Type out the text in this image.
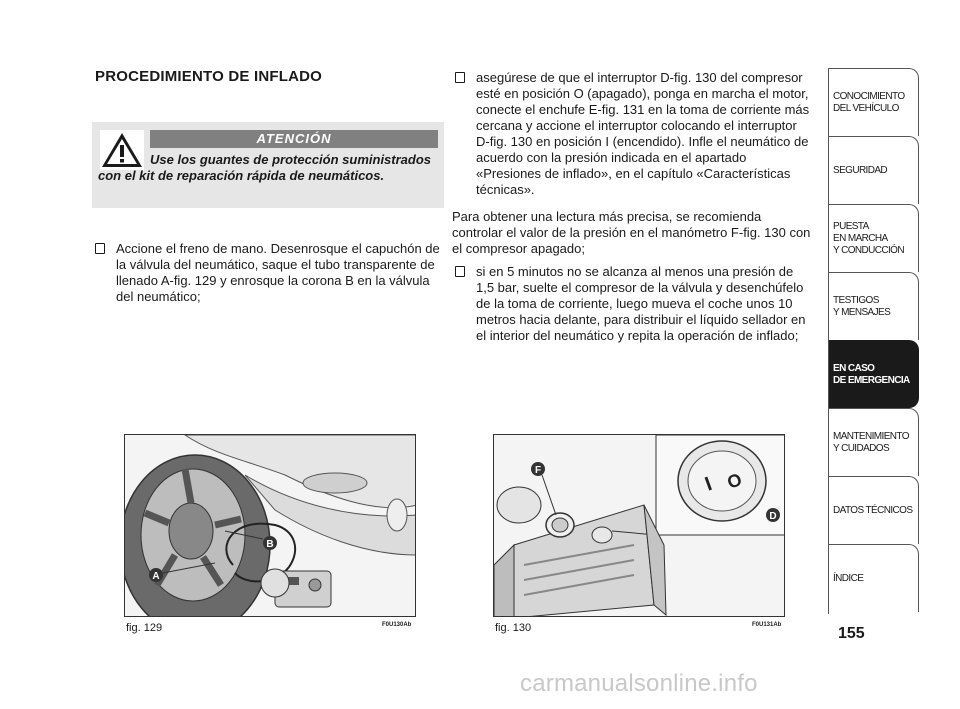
PROCEDIMIENTO DE INFLADO
ATENCIÓN
Use los guantes de protección suministrados con el kit de reparación rápida de neumáticos.
Accione el freno de mano. Desenrosque el capuchón de la válvula del neumático, saque el tubo transparente de llenado A-fig. 129 y enrosque la corona B en la válvula del neumático;
asegúrese de que el interruptor D-fig. 130 del compresor esté en posición O (apagado), ponga en marcha el motor, conecte el enchufe E-fig. 131 en la toma de corriente más cercana y accione el interruptor colocando el interruptor D-fig. 130 en posición I (encendido). Infle el neumático de acuerdo con la presión indicada en el apartado «Presiones de inflado», en el capítulo «Características técnicas».
Para obtener una lectura más precisa, se recomienda controlar el valor de la presión en el manómetro F-fig. 130 con el compresor apagado;
si en 5 minutos no se alcanza al menos una presión de 1,5 bar, suelte el compresor de la válvula y desenchúfelo de la toma de corriente, luego mueva el coche unos 10 metros hacia delante, para distribuir el líquido sellador en el interior del neumático y repita la operación de inflado;
B
A
fig. 129	F0U130Ab
I O
F
D
fig. 130	F0U131Ab
CONOCIMIENTO
DEL VEHÍCULO
SEGURIDAD
PUESTA
EN MARCHA
Y CONDUCCIÓN
TESTIGOS
Y MENSAJES
EN CASO
DE EMERGENCIA
MANTENIMIENTO
Y CUIDADOS
DATOS TÉCNICOS
ÍNDICE
155
carmanualsonline.info
